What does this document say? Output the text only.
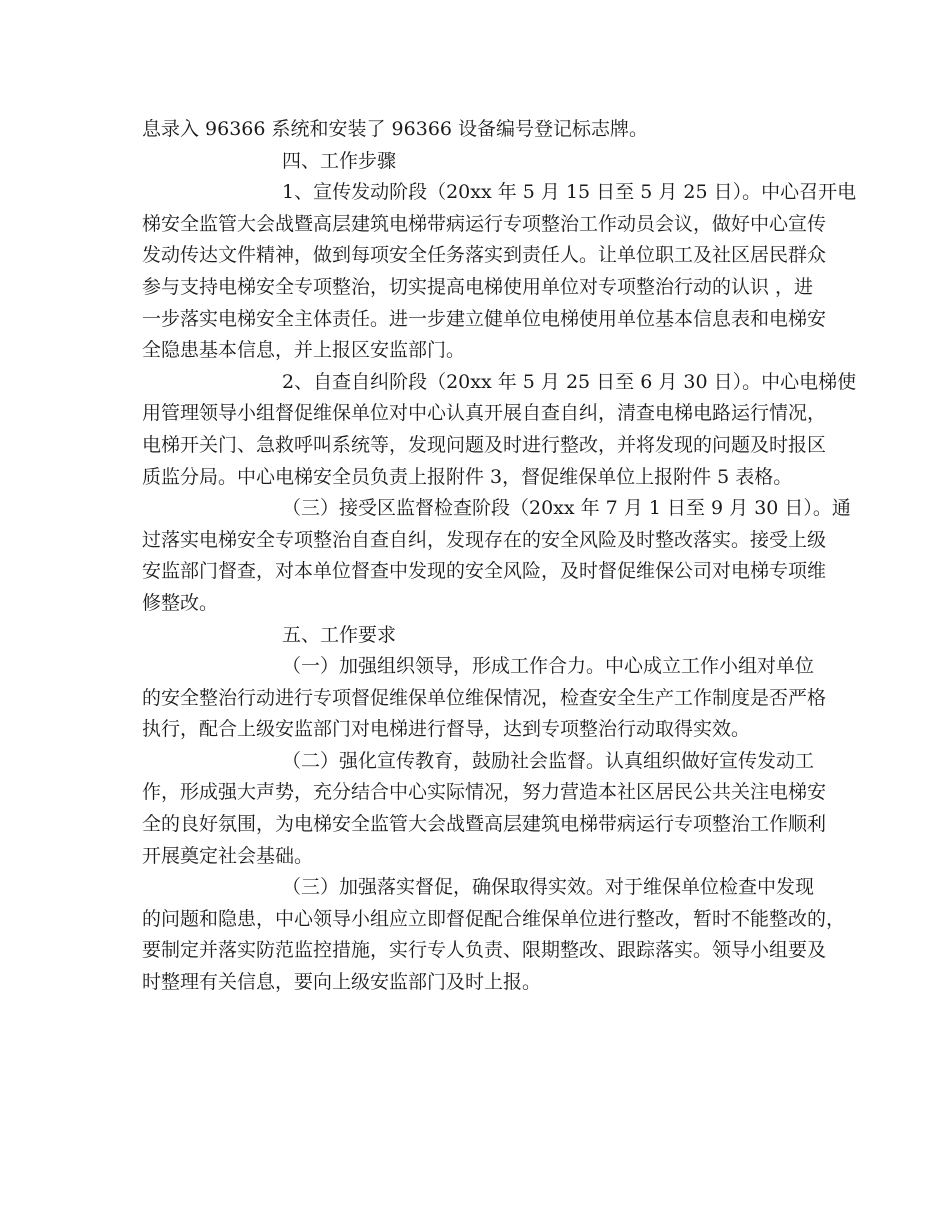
息录入 96366 系统和安装了 96366 设备编号登记标志牌。
四、工作步骤
1、宣传发动阶段（20xx 年 5 月 15 日至 5 月 25 日）。中心召开电
梯安全监管大会战暨高层建筑电梯带病运行专项整治工作动员会议，做好中心宣传
发动传达文件精神，做到每项安全任务落实到责任人。让单位职工及社区居民群众
参与支持电梯安全专项整治，切实提高电梯使用单位对专项整治行动的认识 ，进
一步落实电梯安全主体责任。进一步建立健单位电梯使用单位基本信息表和电梯安
全隐患基本信息，并上报区安监部门。
2、自查自纠阶段（20xx 年 5 月 25 日至 6 月 30 日）。中心电梯使
用管理领导小组督促维保单位对中心认真开展自查自纠，清查电梯电路运行情况，
电梯开关门、急救呼叫系统等，发现问题及时进行整改，并将发现的问题及时报区
质监分局。中心电梯安全员负责上报附件 3，督促维保单位上报附件 5 表格。
（三）接受区监督检查阶段（20xx 年 7 月 1 日至 9 月 30 日）。通
过落实电梯安全专项整治自查自纠，发现存在的安全风险及时整改落实。接受上级
安监部门督查，对本单位督查中发现的安全风险，及时督促维保公司对电梯专项维
修整改。
五、工作要求
（一）加强组织领导，形成工作合力。中心成立工作小组对单位
的安全整治行动进行专项督促维保单位维保情况，检查安全生产工作制度是否严格
执行，配合上级安监部门对电梯进行督导，达到专项整治行动取得实效。
（二）强化宣传教育，鼓励社会监督。认真组织做好宣传发动工
作，形成强大声势，充分结合中心实际情况，努力营造本社区居民公共关注电梯安
全的良好氛围，为电梯安全监管大会战暨高层建筑电梯带病运行专项整治工作顺利
开展奠定社会基础。
（三）加强落实督促，确保取得实效。对于维保单位检查中发现
的问题和隐患，中心领导小组应立即督促配合维保单位进行整改，暂时不能整改的，
要制定并落实防范监控措施，实行专人负责、限期整改、跟踪落实。领导小组要及
时整理有关信息，要向上级安监部门及时上报。
